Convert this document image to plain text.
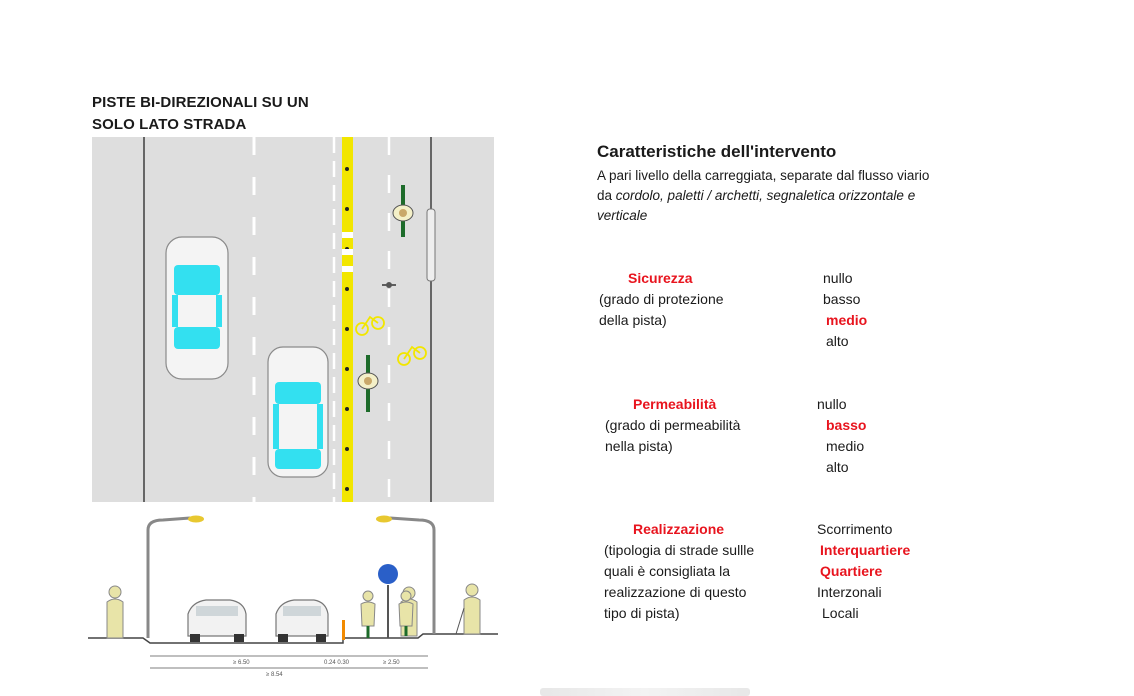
PISTE BI-DIREZIONALI SU UN
SOLO LATO STRADA
≥ 6.50	0.24 0.30	≥ 2.50
≥ 8.54
Caratteristiche dell'intervento
A pari livello della carreggiata, separate dal flusso viario
da cordolo, paletti / archetti, segnaletica orizzontale e
verticale
Sicurezza
(grado di protezione
della pista)
nullo
basso
medio
alto
Permeabilità
(grado di permeabilità
nella pista)
nullo
basso
medio
alto
Realizzazione
(tipologia di strade sullle
quali è consigliata la
realizzazione di questo
tipo di pista)
Scorrimento
Interquartiere
Quartiere
Interzonali
Locali
